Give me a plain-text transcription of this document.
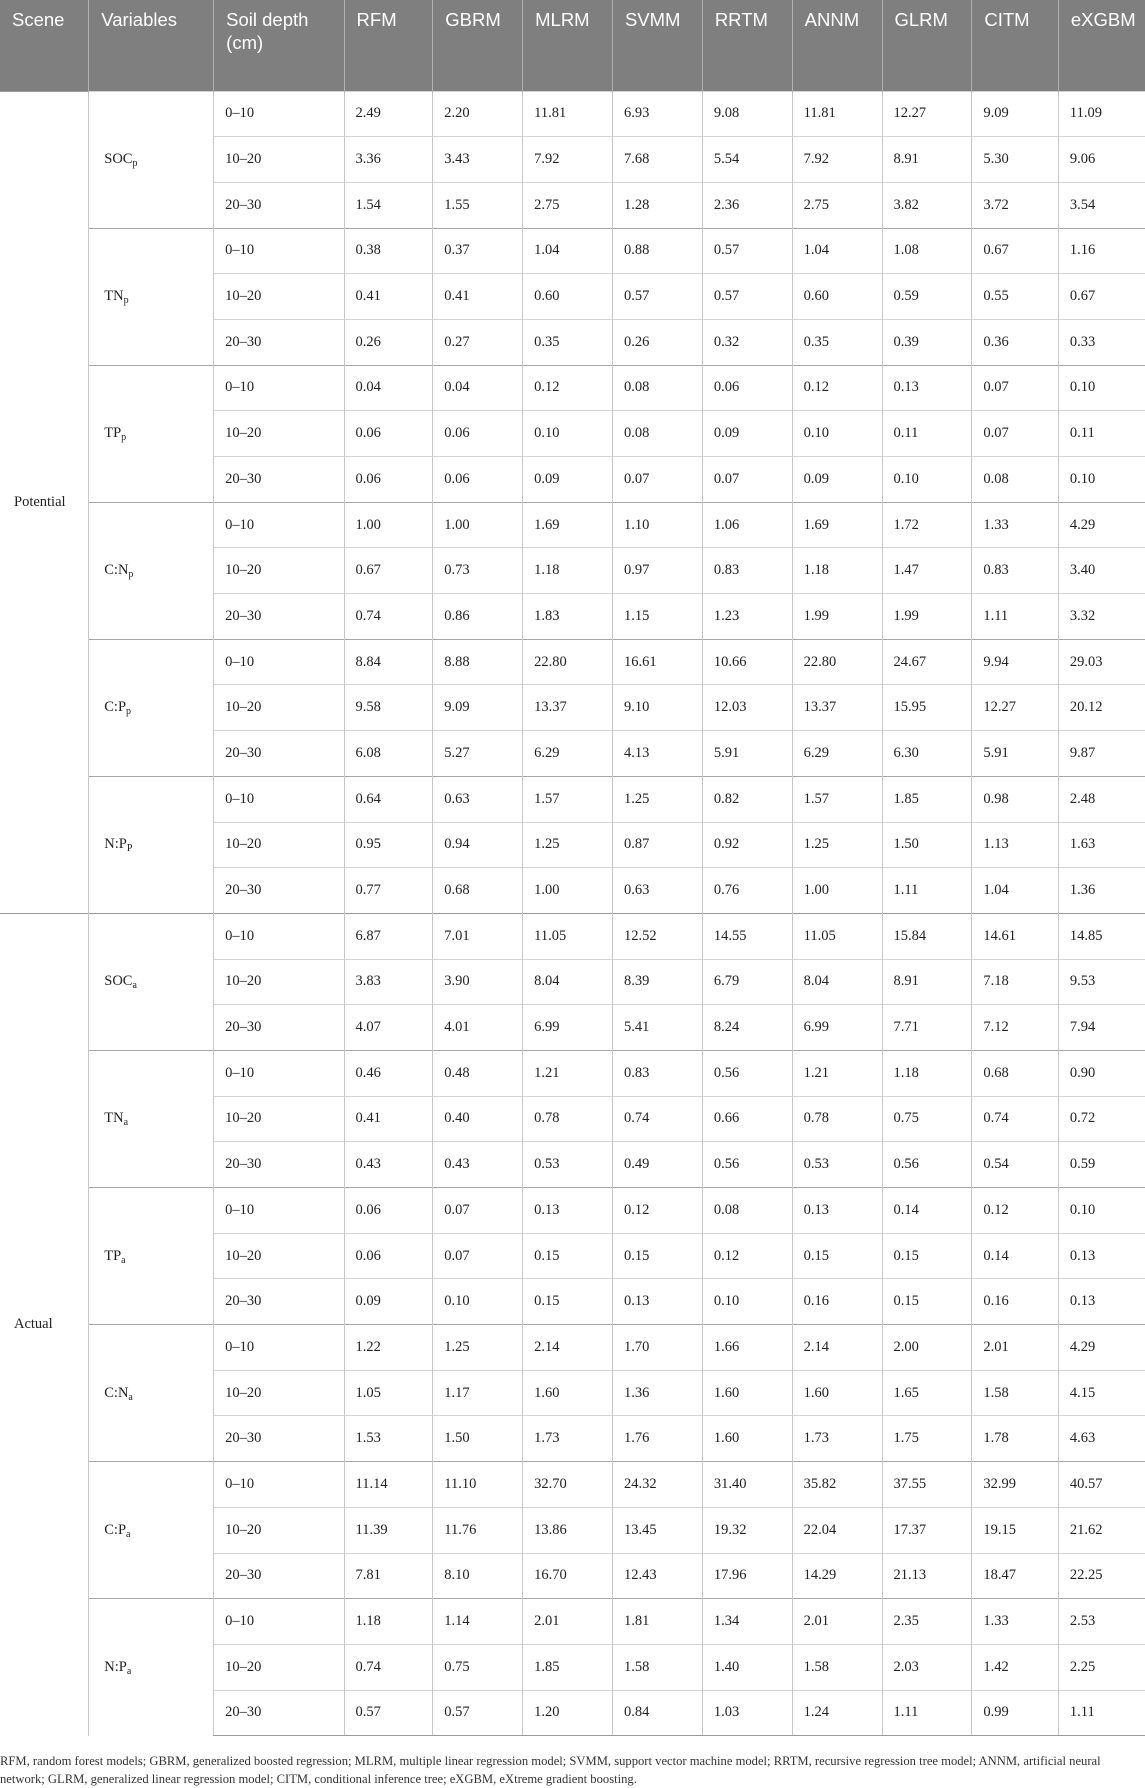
Scene	Variables	Soil depth (cm)	RFM	GBRM	MLRM	SVMM	RRTM	ANNM	GLRM	CITM	eXGBM
Potential	$SOC_p$	0–10	2.49	2.20	11.81	6.93	9.08	11.81	12.27	9.09	11.09
		10–20	3.36	3.43	7.92	7.68	5.54	7.92	8.91	5.30	9.06
		20–30	1.54	1.55	2.75	1.28	2.36	2.75	3.82	3.72	3.54
	$TN_p$	0–10	0.38	0.37	1.04	0.88	0.57	1.04	1.08	0.67	1.16
		10–20	0.41	0.41	0.60	0.57	0.57	0.60	0.59	0.55	0.67
		20–30	0.26	0.27	0.35	0.26	0.32	0.35	0.39	0.36	0.33
	$TP_p$	0–10	0.04	0.04	0.12	0.08	0.06	0.12	0.13	0.07	0.10
		10–20	0.06	0.06	0.10	0.08	0.09	0.10	0.11	0.07	0.11
		20–30	0.06	0.06	0.09	0.07	0.07	0.09	0.10	0.08	0.10
	$C:N_p$	0–10	1.00	1.00	1.69	1.10	1.06	1.69	1.72	1.33	4.29
		10–20	0.67	0.73	1.18	0.97	0.83	1.18	1.47	0.83	3.40
		20–30	0.74	0.86	1.83	1.15	1.23	1.99	1.99	1.11	3.32
	$C:P_p$	0–10	8.84	8.88	22.80	16.61	10.66	22.80	24.67	9.94	29.03
		10–20	9.58	9.09	13.37	9.10	12.03	13.37	15.95	12.27	20.12
		20–30	6.08	5.27	6.29	4.13	5.91	6.29	6.30	5.91	9.87
	$N:P_P$	0–10	0.64	0.63	1.57	1.25	0.82	1.57	1.85	0.98	2.48
		10–20	0.95	0.94	1.25	0.87	0.92	1.25	1.50	1.13	1.63
		20–30	0.77	0.68	1.00	0.63	0.76	1.00	1.11	1.04	1.36
Actual	$SOC_a$	0–10	6.87	7.01	11.05	12.52	14.55	11.05	15.84	14.61	14.85
		10–20	3.83	3.90	8.04	8.39	6.79	8.04	8.91	7.18	9.53
		20–30	4.07	4.01	6.99	5.41	8.24	6.99	7.71	7.12	7.94
	$TN_a$	0–10	0.46	0.48	1.21	0.83	0.56	1.21	1.18	0.68	0.90
		10–20	0.41	0.40	0.78	0.74	0.66	0.78	0.75	0.74	0.72
		20–30	0.43	0.43	0.53	0.49	0.56	0.53	0.56	0.54	0.59
	$TP_a$	0–10	0.06	0.07	0.13	0.12	0.08	0.13	0.14	0.12	0.10
		10–20	0.06	0.07	0.15	0.15	0.12	0.15	0.15	0.14	0.13
		20–30	0.09	0.10	0.15	0.13	0.10	0.16	0.15	0.16	0.13
	$C:N_a$	0–10	1.22	1.25	2.14	1.70	1.66	2.14	2.00	2.01	4.29
		10–20	1.05	1.17	1.60	1.36	1.60	1.60	1.65	1.58	4.15
		20–30	1.53	1.50	1.73	1.76	1.60	1.73	1.75	1.78	4.63
	$C:P_a$	0–10	11.14	11.10	32.70	24.32	31.40	35.82	37.55	32.99	40.57
		10–20	11.39	11.76	13.86	13.45	19.32	22.04	17.37	19.15	21.62
		20–30	7.81	8.10	16.70	12.43	17.96	14.29	21.13	18.47	22.25
	$N:P_a$	0–10	1.18	1.14	2.01	1.81	1.34	2.01	2.35	1.33	2.53
		10–20	0.74	0.75	1.85	1.58	1.40	1.58	2.03	1.42	2.25
		20–30	0.57	0.57	1.20	0.84	1.03	1.24	1.11	0.99	1.11

RFM, random forest models; GBRM, generalized boosted regression; MLRM, multiple linear regression model; SVMM, support vector machine model; RRTM, recursive regression tree model; ANNM, artificial neural network; GLRM, generalized linear regression model; CITM, conditional inference tree; eXGBM, eXtreme gradient boosting.
